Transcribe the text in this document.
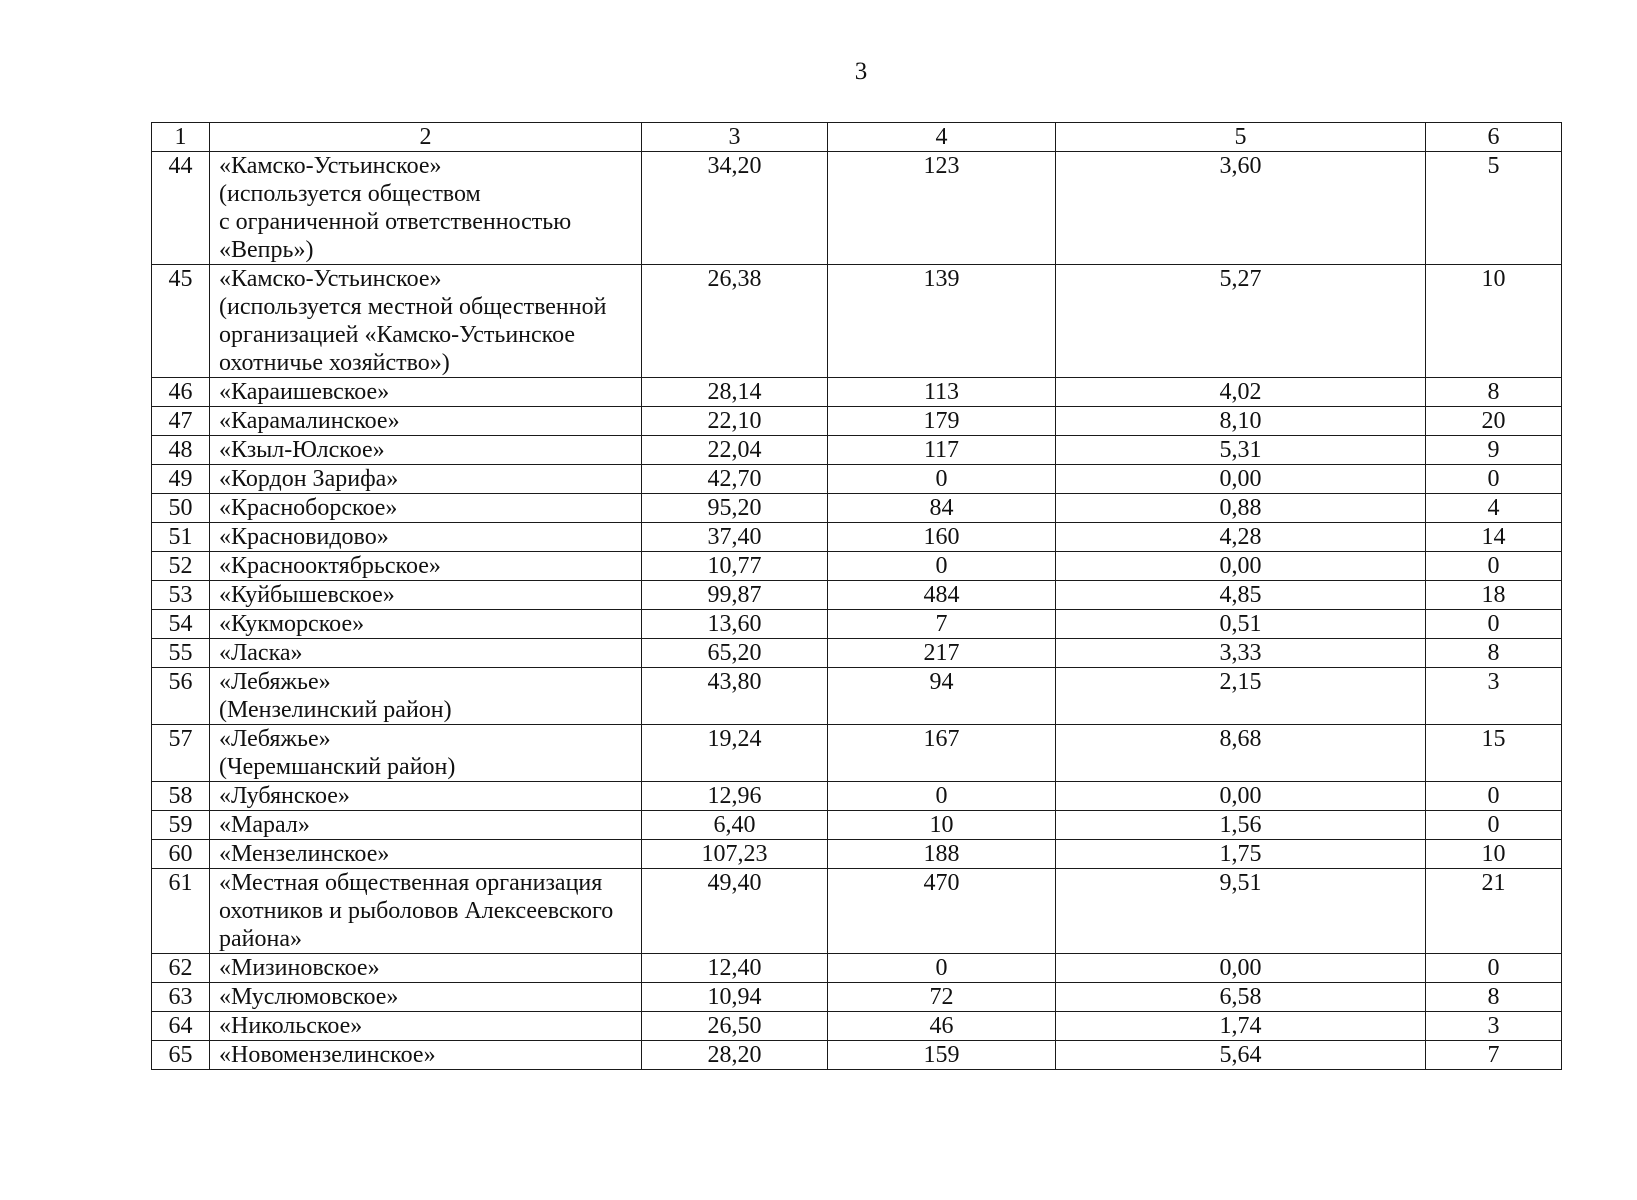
3
1	2	3	4	5	6
44	«Камско-Устьинское»
(используется обществом
с ограниченной ответственностью
«Вепрь»)	34,20	123	3,60	5
45	«Камско-Устьинское»
(используется местной общественной
организацией «Камско-Устьинское
охотничье хозяйство»)	26,38	139	5,27	10
46	«Караишевское»	28,14	113	4,02	8
47	«Карамалинское»	22,10	179	8,10	20
48	«Кзыл-Юлское»	22,04	117	5,31	9
49	«Кордон Зарифа»	42,70	0	0,00	0
50	«Красноборское»	95,20	84	0,88	4
51	«Красновидово»	37,40	160	4,28	14
52	«Краснооктябрьское»	10,77	0	0,00	0
53	«Куйбышевское»	99,87	484	4,85	18
54	«Кукморское»	13,60	7	0,51	0
55	«Ласка»	65,20	217	3,33	8
56	«Лебяжье»
(Мензелинский район)	43,80	94	2,15	3
57	«Лебяжье»
(Черемшанский район)	19,24	167	8,68	15
58	«Лубянское»	12,96	0	0,00	0
59	«Марал»	6,40	10	1,56	0
60	«Мензелинское»	107,23	188	1,75	10
61	«Местная общественная организация
охотников и рыболовов Алексеевского
района»	49,40	470	9,51	21
62	«Мизиновское»	12,40	0	0,00	0
63	«Муслюмовское»	10,94	72	6,58	8
64	«Никольское»	26,50	46	1,74	3
65	«Новомензелинское»	28,20	159	5,64	7
